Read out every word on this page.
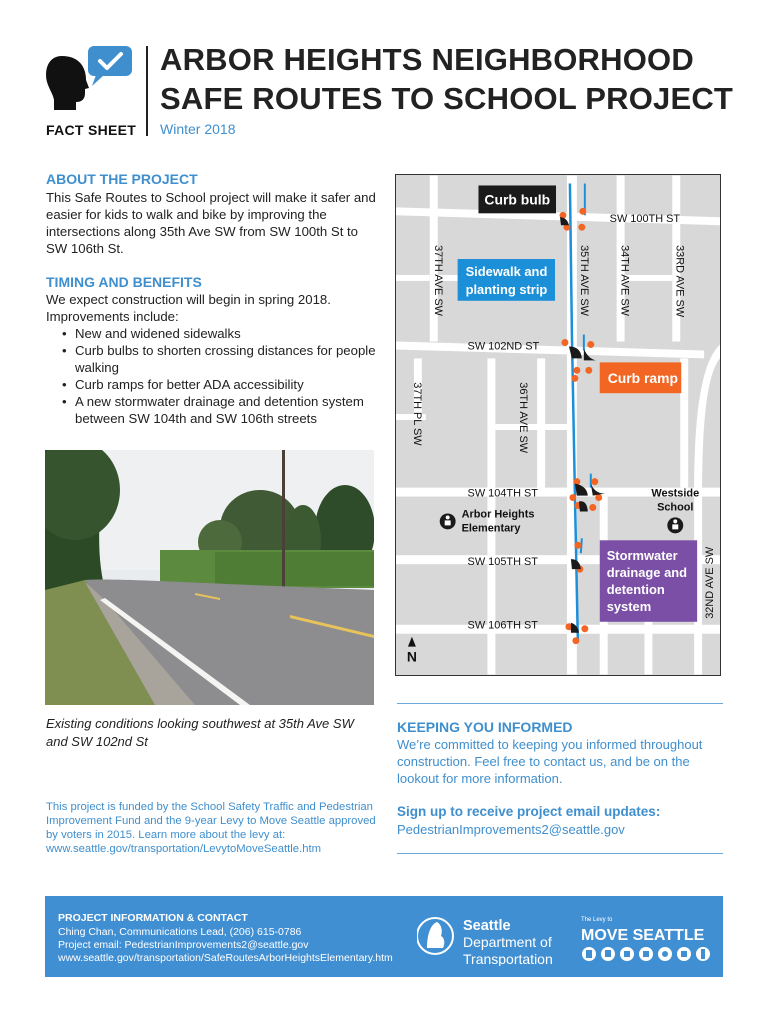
FACT SHEET
ARBOR HEIGHTS NEIGHBORHOOD
SAFE ROUTES TO SCHOOL PROJECT
Winter 2018
ABOUT THE PROJECT
This Safe Routes to School project will make it safer and easier for kids to walk and bike by improving the intersections along 35th Ave SW from SW 100th St to SW 106th St.
TIMING AND BENEFITS
We expect construction will begin in spring 2018. Improvements include:
• New and widened sidewalks
• Curb bulbs to shorten crossing distances for people walking
• Curb ramps for better ADA accessibility
• A new stormwater drainage and detention system between SW 104th and SW 106th streets
Existing conditions looking southwest at 35th Ave SW and SW 102nd St
This project is funded by the School Safety Traffic and Pedestrian Improvement Fund and the 9-year Levy to Move Seattle approved by voters in 2015. Learn more about the levy at: www.seattle.gov/transportation/LevytoMoveSeattle.htm
Curb bulb
Sidewalk and
planting strip
Curb ramp
Stormwater
drainage and
detention
system
SW 100TH ST
SW 102ND ST
SW 104TH ST
SW 105TH ST
SW 106TH ST
37TH AVE SW	35TH AVE SW	34TH AVE SW	33RD AVE SW
37TH PL SW	36TH AVE SW
32ND AVE SW
Arbor Heights
Elementary
Westside
School
N
KEEPING YOU INFORMED
We’re committed to keeping you informed throughout construction. Feel free to contact us, and be on the lookout for more information.
Sign up to receive project email updates:
PedestrianImprovements2@seattle.gov
PROJECT INFORMATION & CONTACT
Ching Chan, Communications Lead, (206) 615-0786
Project email: PedestrianImprovements2@seattle.gov
www.seattle.gov/transportation/SafeRoutesArborHeightsElementary.htm
Seattle
Department of
Transportation
The Levy to
MOVE SEATTLE
